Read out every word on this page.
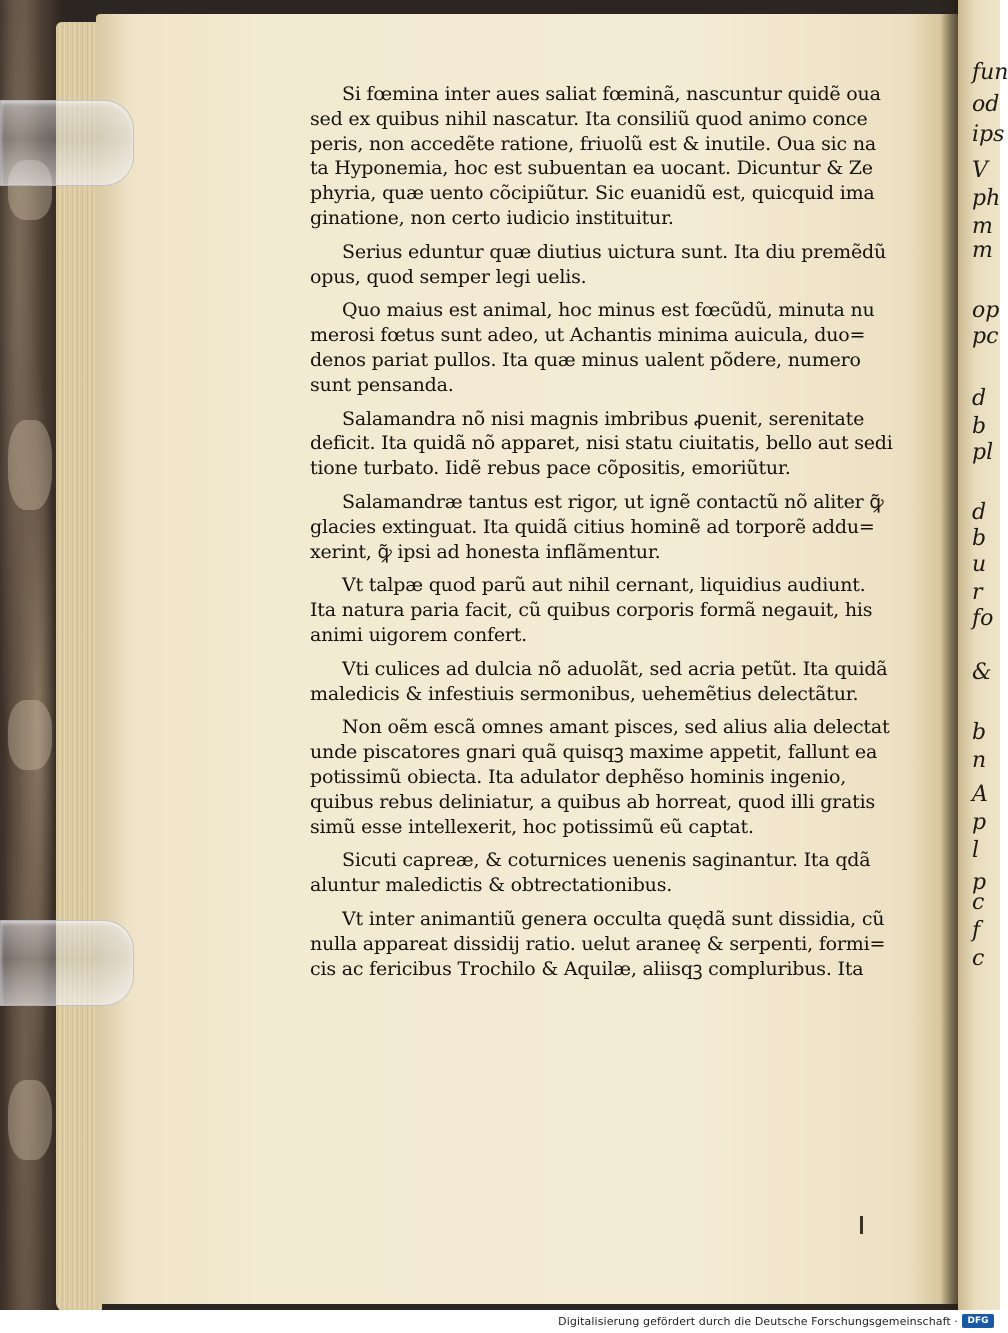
fun
od
ips
V
ph
m
m
op
pc
d
b
pl
d
b
u
r
fo
&
b
n
A
p
l
p
c
f
c
Si fœmina inter aues saliat fœminã, nascuntur quidẽ oua
sed ex quibus nihil nascatur. Ita consiliũ quod animo conce
peris, non accedẽte ratione, friuolũ est & inutile. Oua sic na
ta Hyponemia, hoc est subuentan ea uocant. Dicuntur & Ze
phyria, quæ uento cõcipiũtur. Sic euanidũ est, quicquid ima
ginatione, non certo iudicio instituitur.
Serius eduntur quæ diutius uictura sunt. Ita diu premẽdũ
opus, quod semper legi uelis.
Quo maius est animal, hoc minus est fœcũdũ, minuta nu
merosi fœtus sunt adeo, ut Achantis minima auicula, duo=
denos pariat pullos. Ita quæ minus ualent põdere, numero
sunt pensanda.
Salamandra nõ nisi magnis imbribus ꝓuenit, serenitate
deficit. Ita quidã nõ apparet, nisi statu ciuitatis, bello aut sedi
tione turbato. Iidẽ rebus pace cõpositis, emoriũtur.
Salamandræ tantus est rigor, ut ignẽ contactũ nõ aliter ꝙ̃
glacies extinguat. Ita quidã citius hominẽ ad torporẽ addu=
xerint, ꝙ̃ ipsi ad honesta inflãmentur.
Vt talpæ quod parũ aut nihil cernant, liquidius audiunt.
Ita natura paria facit, cũ quibus corporis formã negauit, his
animi uigorem confert.
Vti culices ad dulcia nõ aduolãt, sed acria petũt. Ita quidã
maledicis & infestiuis sermonibus, uehemẽtius delectãtur.
Non oẽm escã omnes amant pisces, sed alius alia delectat
unde piscatores gnari quã quisqꝫ maxime appetit, fallunt ea
potissimũ obiecta. Ita adulator dephẽso hominis ingenio,
quibus rebus deliniatur, a quibus ab horreat, quod illi gratis
simũ esse intellexerit, hoc potissimũ eũ captat.
Sicuti capreæ, & coturnices uenenis saginantur. Ita qdã
aluntur maledictis & obtrectationibus.
Vt inter animantiũ genera occulta quędã sunt dissidia, cũ
nulla appareat dissidij ratio. uelut araneę & serpenti, formi=
cis ac fericibus Trochilo & Aquilæ, aliisqꝫ compluribus. Ita
Digitalisierung gefördert durch die Deutsche Forschungsgemeinschaft ·	DFG
